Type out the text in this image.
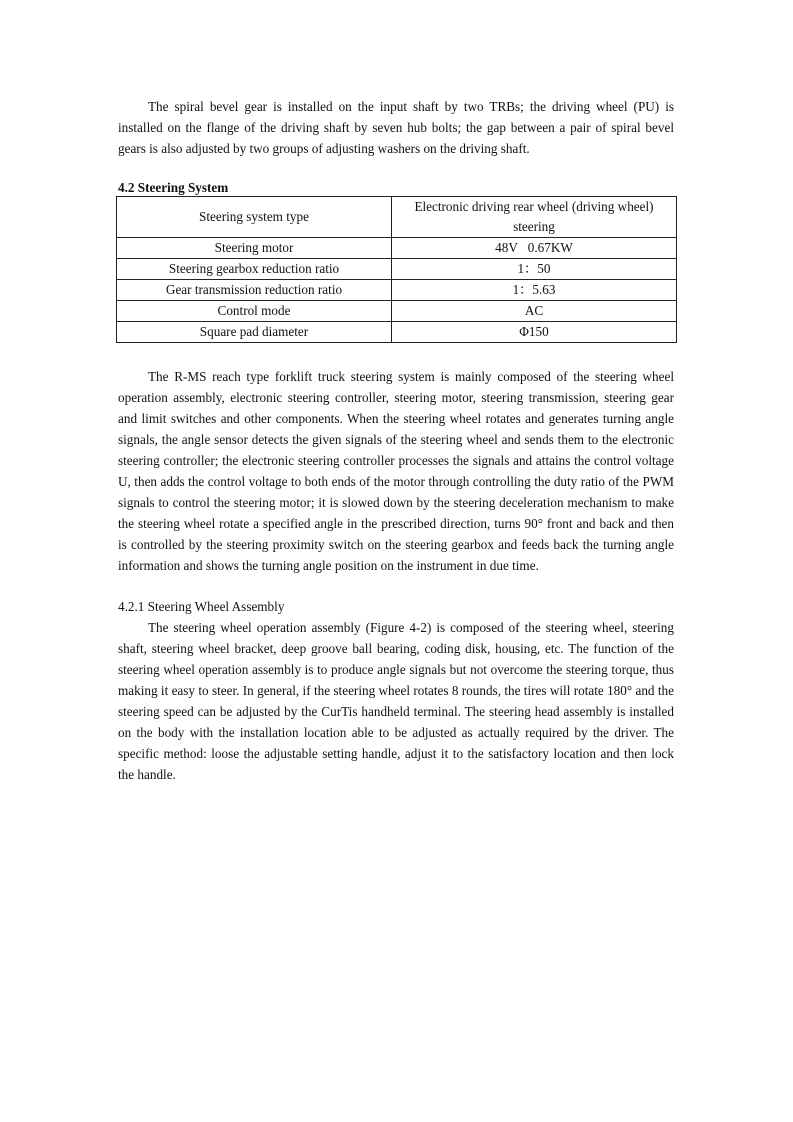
The spiral bevel gear is installed on the input shaft by two TRBs; the driving wheel (PU) is installed on the flange of the driving shaft by seven hub bolts; the gap between a pair of spiral bevel gears is also adjusted by two groups of adjusting washers on the driving shaft.

4.2 Steering System
Steering system type	Electronic driving rear wheel (driving wheel) steering
Steering motor	48V   0.67KW
Steering gearbox reduction ratio	1：50
Gear transmission reduction ratio	1：5.63
Control mode	AC
Square pad diameter	Φ150

The R-MS reach type forklift truck steering system is mainly composed of the steering wheel operation assembly, electronic steering controller, steering motor, steering transmission, steering gear and limit switches and other components. When the steering wheel rotates and generates turning angle signals, the angle sensor detects the given signals of the steering wheel and sends them to the electronic steering controller; the electronic steering controller processes the signals and attains the control voltage U, then adds the control voltage to both ends of the motor through controlling the duty ratio of the PWM signals to control the steering motor; it is slowed down by the steering deceleration mechanism to make the steering wheel rotate a specified angle in the prescribed direction, turns 90° front and back and then is controlled by the steering proximity switch on the steering gearbox and feeds back the turning angle information and shows the turning angle position on the instrument in due time.

4.2.1 Steering Wheel Assembly

The steering wheel operation assembly (Figure 4-2) is composed of the steering wheel, steering shaft, steering wheel bracket, deep groove ball bearing, coding disk, housing, etc. The function of the steering wheel operation assembly is to produce angle signals but not overcome the steering torque, thus making it easy to steer. In general, if the steering wheel rotates 8 rounds, the tires will rotate 180° and the steering speed can be adjusted by the CurTis handheld terminal. The steering head assembly is installed on the body with the installation location able to be adjusted as actually required by the driver. The specific method: loose the adjustable setting handle, adjust it to the satisfactory location and then lock the handle.
